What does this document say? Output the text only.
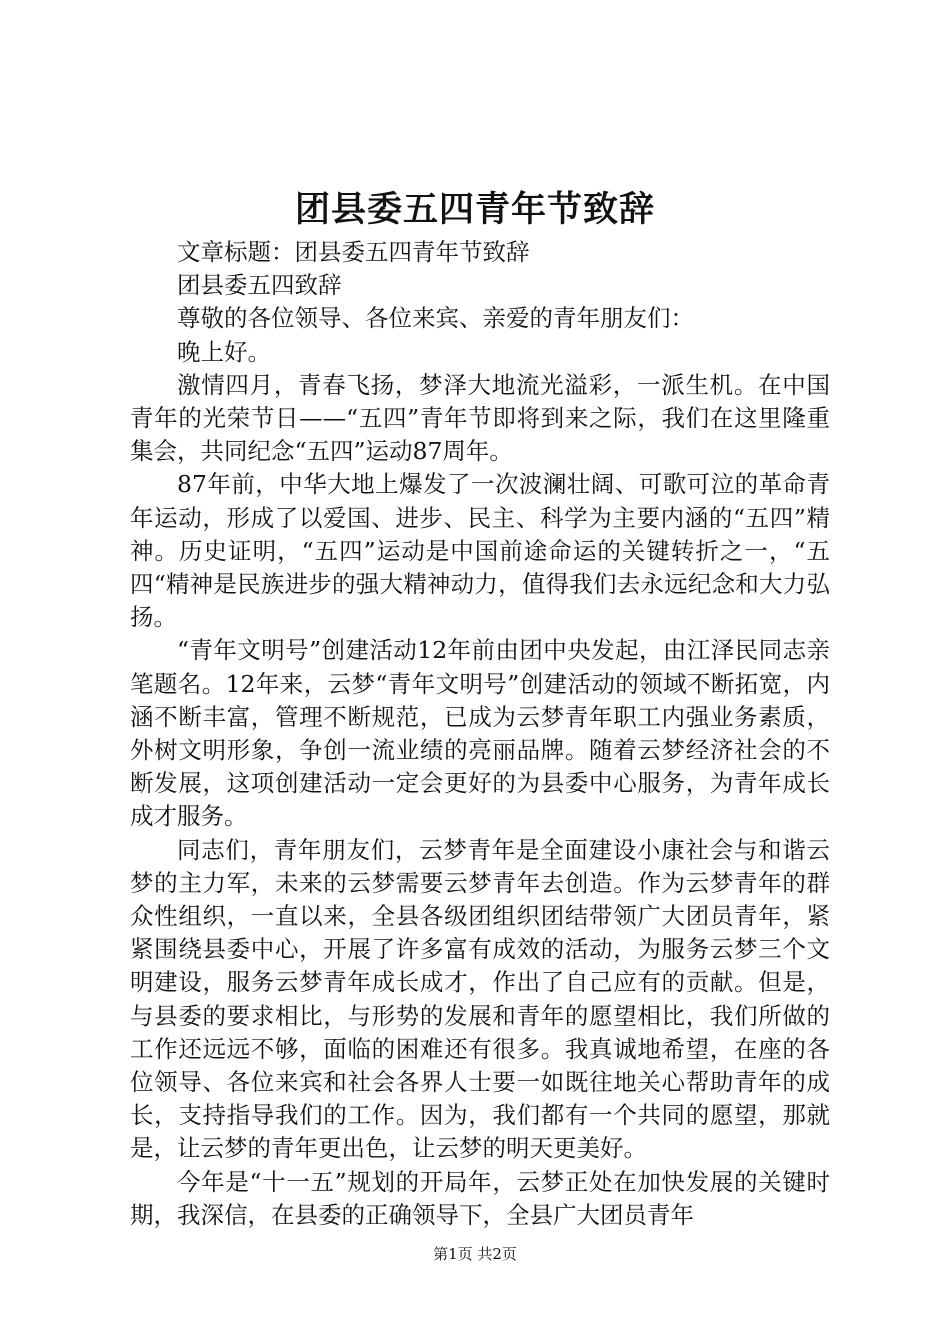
团县委五四青年节致辞

文章标题：团县委五四青年节致辞

团县委五四致辞

尊敬的各位领导、各位来宾、亲爱的青年朋友们：

晚上好。

激情四月，青春飞扬，梦泽大地流光溢彩，一派生机。在中国青年的光荣节日——“五四”青年节即将到来之际，我们在这里隆重集会，共同纪念“五四”运动87周年。

87年前，中华大地上爆发了一次波澜壮阔、可歌可泣的革命青年运动，形成了以爱国、进步、民主、科学为主要内涵的“五四”精神。历史证明，“五四”运动是中国前途命运的关键转折之一，“五四“精神是民族进步的强大精神动力，值得我们去永远纪念和大力弘扬。

“青年文明号”创建活动12年前由团中央发起，由江泽民同志亲笔题名。12年来，云梦“青年文明号”创建活动的领域不断拓宽，内涵不断丰富，管理不断规范，已成为云梦青年职工内强业务素质，外树文明形象，争创一流业绩的亮丽品牌。随着云梦经济社会的不断发展，这项创建活动一定会更好的为县委中心服务，为青年成长成才服务。

同志们，青年朋友们，云梦青年是全面建设小康社会与和谐云梦的主力军，未来的云梦需要云梦青年去创造。作为云梦青年的群众性组织，一直以来，全县各级团组织团结带领广大团员青年，紧紧围绕县委中心，开展了许多富有成效的活动，为服务云梦三个文明建设，服务云梦青年成长成才，作出了自己应有的贡献。但是，与县委的要求相比，与形势的发展和青年的愿望相比，我们所做的工作还远远不够，面临的困难还有很多。我真诚地希望，在座的各位领导、各位来宾和社会各界人士要一如既往地关心帮助青年的成长，支持指导我们的工作。因为，我们都有一个共同的愿望，那就是，让云梦的青年更出色，让云梦的明天更美好。

今年是“十一五”规划的开局年，云梦正处在加快发展的关键时期，我深信，在县委的正确领导下，全县广大团员青年

第1页 共2页
